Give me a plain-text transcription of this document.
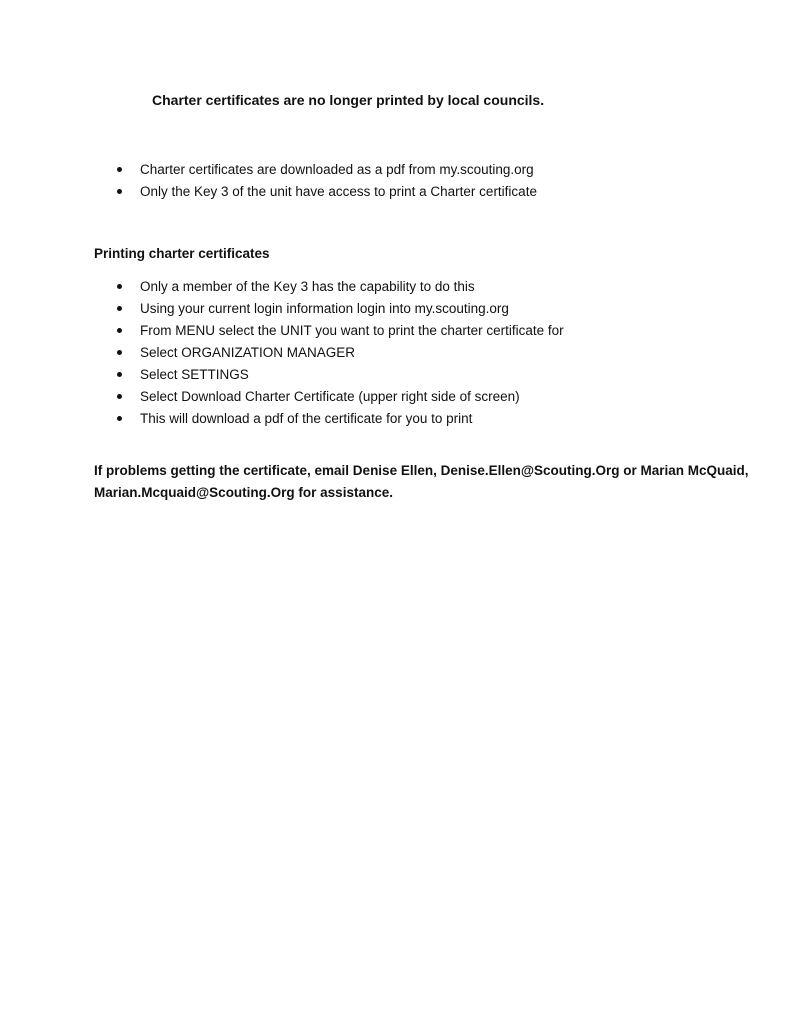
Charter certificates are no longer printed by local councils.

Charter certificates are downloaded as a pdf from my.scouting.org
Only the Key 3 of the unit have access to print a Charter certificate

Printing charter certificates

Only a member of the Key 3 has the capability to do this
Using your current login information login into my.scouting.org
From MENU select the UNIT you want to print the charter certificate for
Select ORGANIZATION MANAGER
Select SETTINGS
Select Download Charter Certificate (upper right side of screen)
This will download a pdf of the certificate for you to print

If problems getting the certificate, email Denise Ellen, Denise.Ellen@Scouting.Org or Marian McQuaid, Marian.Mcquaid@Scouting.Org for assistance.
